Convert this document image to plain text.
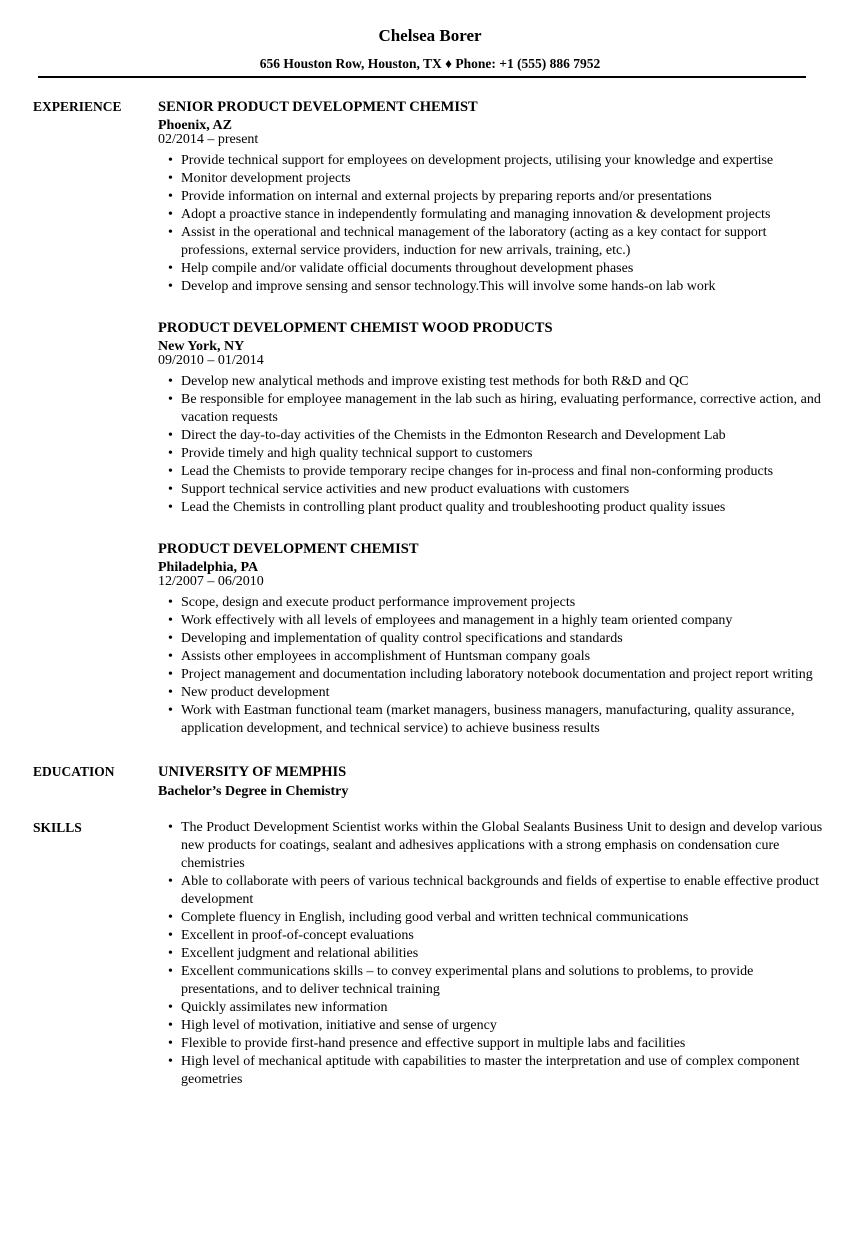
Chelsea Borer
656 Houston Row, Houston, TX ♦ Phone: +1 (555) 886 7952
EXPERIENCE	SENIOR PRODUCT DEVELOPMENT CHEMIST
Phoenix, AZ
02/2014 – present
• Provide technical support for employees on development projects, utilising your knowledge and expertise
• Monitor development projects
• Provide information on internal and external projects by preparing reports and/or presentations
• Adopt a proactive stance in independently formulating and managing innovation & development projects
• Assist in the operational and technical management of the laboratory (acting as a key contact for support professions, external service providers, induction for new arrivals, training, etc.)
• Help compile and/or validate official documents throughout development phases
• Develop and improve sensing and sensor technology.This will involve some hands-on lab work
PRODUCT DEVELOPMENT CHEMIST WOOD PRODUCTS
New York, NY
09/2010 – 01/2014
• Develop new analytical methods and improve existing test methods for both R&D and QC
• Be responsible for employee management in the lab such as hiring, evaluating performance, corrective action, and vacation requests
• Direct the day-to-day activities of the Chemists in the Edmonton Research and Development Lab
• Provide timely and high quality technical support to customers
• Lead the Chemists to provide temporary recipe changes for in-process and final non-conforming products
• Support technical service activities and new product evaluations with customers
• Lead the Chemists in controlling plant product quality and troubleshooting product quality issues
PRODUCT DEVELOPMENT CHEMIST
Philadelphia, PA
12/2007 – 06/2010
• Scope, design and execute product performance improvement projects
• Work effectively with all levels of employees and management in a highly team oriented company
• Developing and implementation of quality control specifications and standards
• Assists other employees in accomplishment of Huntsman company goals
• Project management and documentation including laboratory notebook documentation and project report writing
• New product development
• Work with Eastman functional team (market managers, business managers, manufacturing, quality assurance, application development, and technical service) to achieve business results
EDUCATION	UNIVERSITY OF MEMPHIS
Bachelor’s Degree in Chemistry
SKILLS	• The Product Development Scientist works within the Global Sealants Business Unit to design and develop various new products for coatings, sealant and adhesives applications with a strong emphasis on condensation cure chemistries
• Able to collaborate with peers of various technical backgrounds and fields of expertise to enable effective product development
• Complete fluency in English, including good verbal and written technical communications
• Excellent in proof-of-concept evaluations
• Excellent judgment and relational abilities
• Excellent communications skills – to convey experimental plans and solutions to problems, to provide presentations, and to deliver technical training
• Quickly assimilates new information
• High level of motivation, initiative and sense of urgency
• Flexible to provide first-hand presence and effective support in multiple labs and facilities
• High level of mechanical aptitude with capabilities to master the interpretation and use of complex component geometries
